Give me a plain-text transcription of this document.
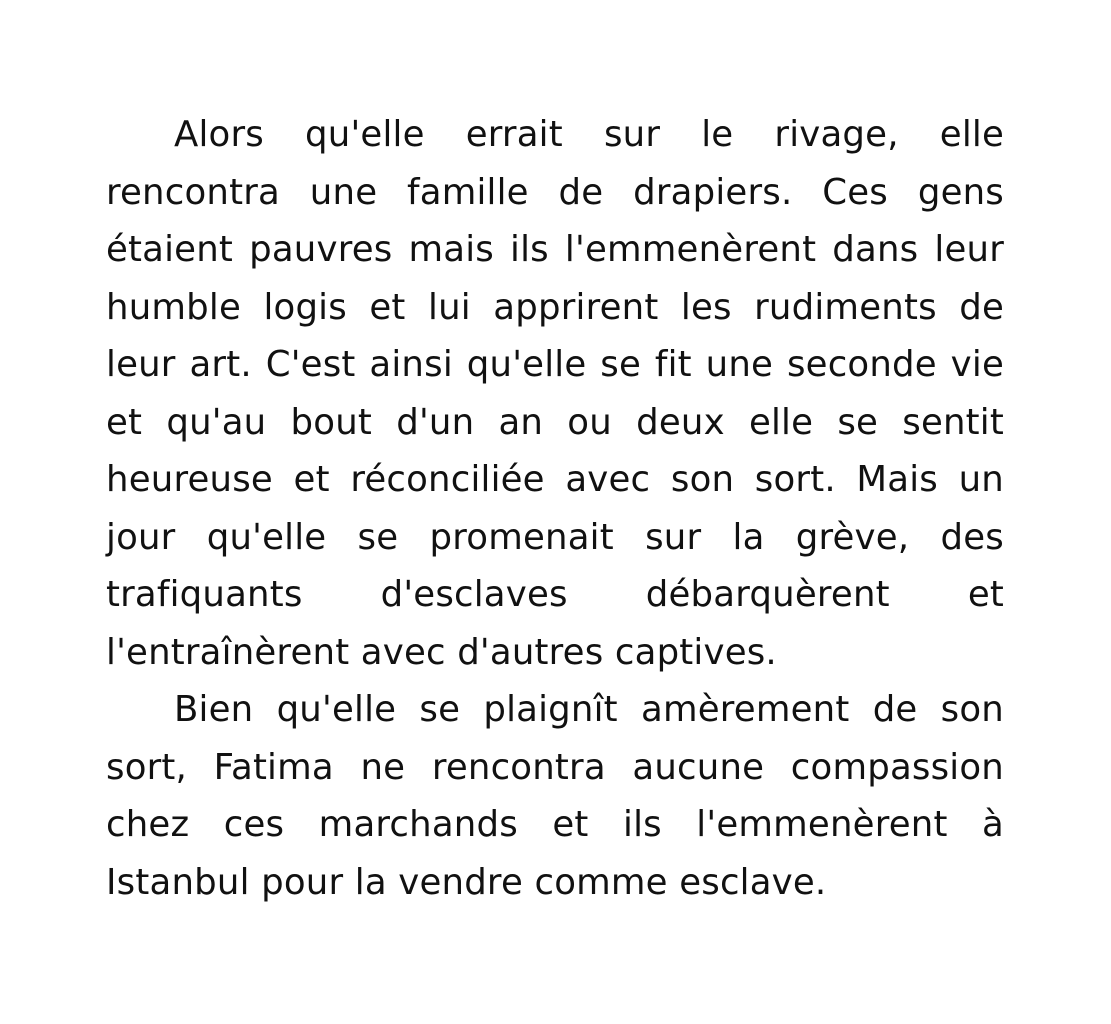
Alors qu'elle errait sur le rivage, elle rencontra une famille de drapiers. Ces gens étaient pauvres mais ils l'emmenèrent dans leur humble logis et lui apprirent les rudiments de leur art. C'est ainsi qu'elle se fit une seconde vie et qu'au bout d'un an ou deux elle se sentit heureuse et réconciliée avec son sort. Mais un jour qu'elle se promenait sur la grève, des trafiquants d'esclaves débarquèrent et l'entraînèrent avec d'autres captives.

Bien qu'elle se plaignît amèrement de son sort, Fatima ne rencontra aucune compassion chez ces marchands et ils l'emmenèrent à Istanbul pour la vendre comme esclave.
